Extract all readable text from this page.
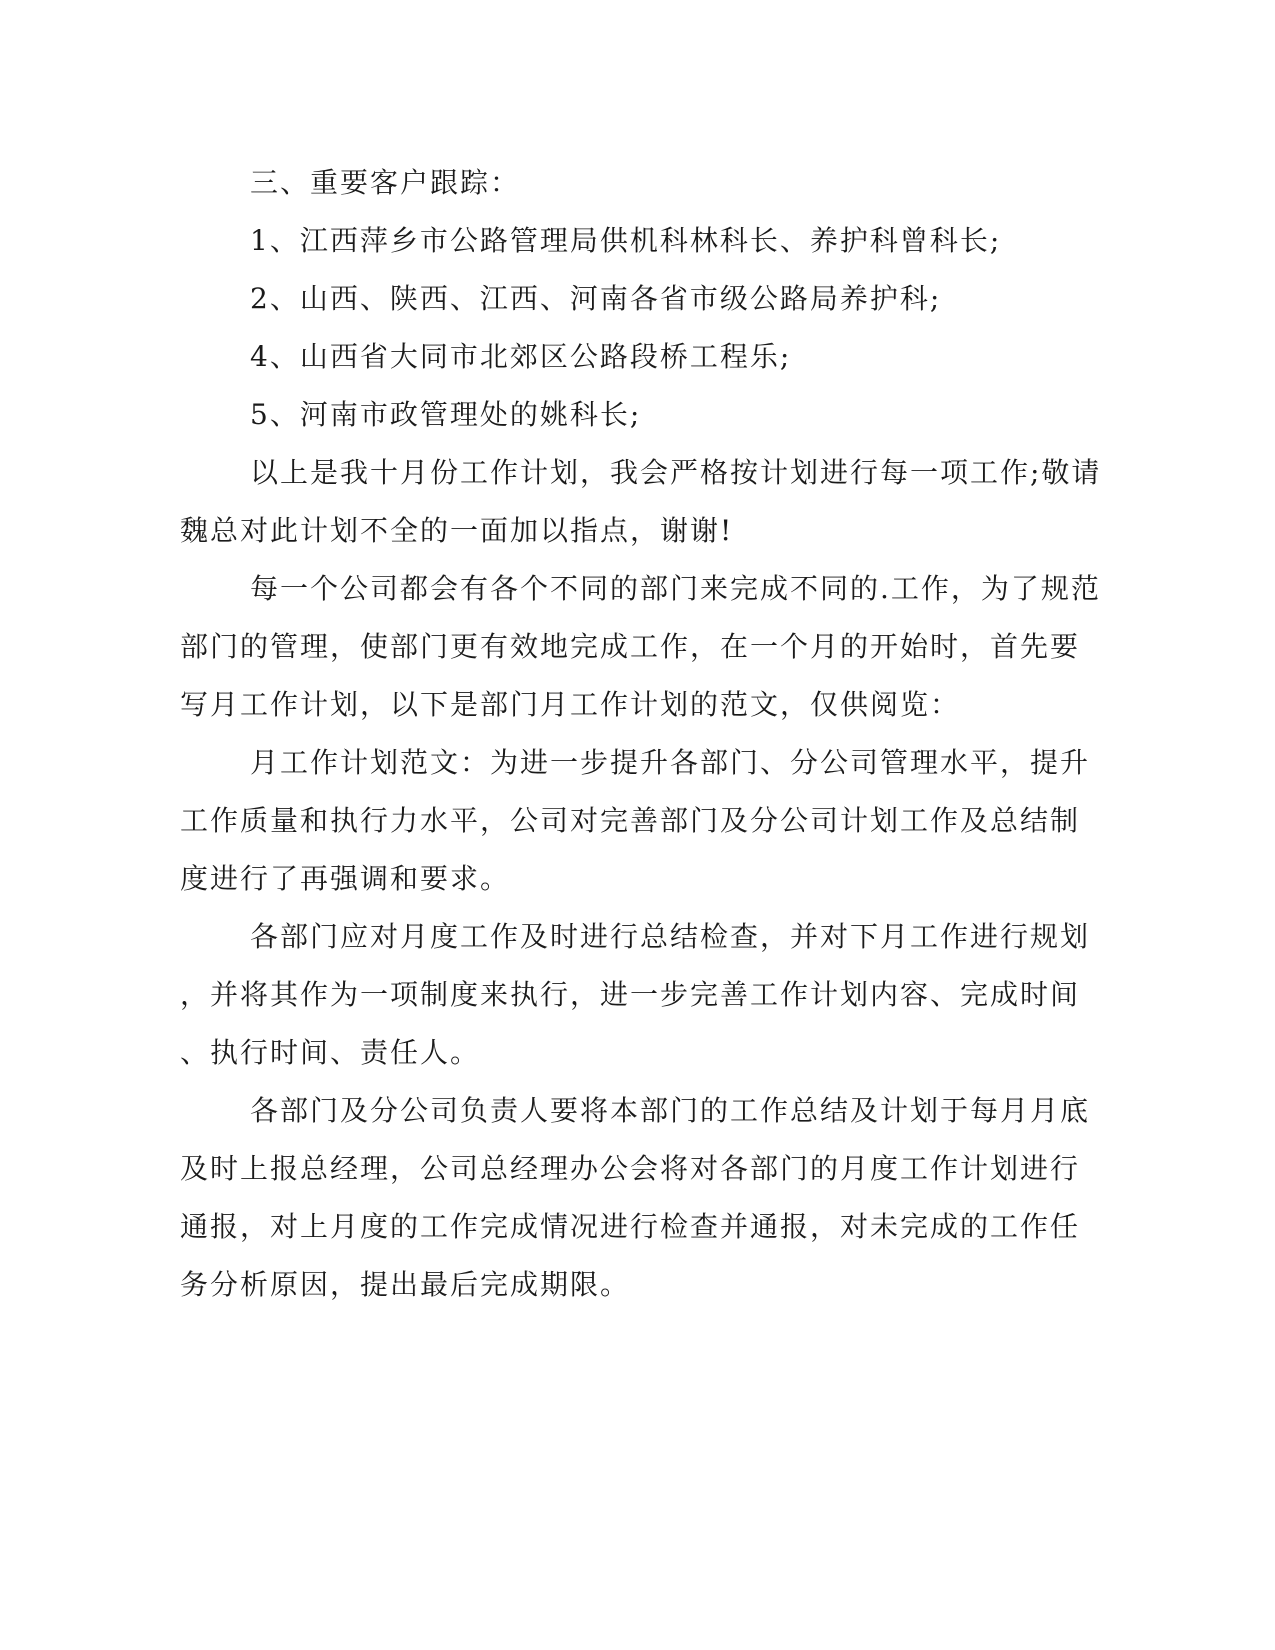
三、重要客户跟踪：
1、江西萍乡市公路管理局供机科林科长、养护科曾科长;
2、山西、陕西、江西、河南各省市级公路局养护科;
4、山西省大同市北郊区公路段桥工程乐;
5、河南市政管理处的姚科长;
以上是我十月份工作计划，我会严格按计划进行每一项工作;敬请
魏总对此计划不全的一面加以指点，谢谢!
每一个公司都会有各个不同的部门来完成不同的.工作，为了规范
部门的管理，使部门更有效地完成工作，在一个月的开始时，首先要
写月工作计划，以下是部门月工作计划的范文，仅供阅览：
月工作计划范文：为进一步提升各部门、分公司管理水平，提升
工作质量和执行力水平，公司对完善部门及分公司计划工作及总结制
度进行了再强调和要求。
各部门应对月度工作及时进行总结检查，并对下月工作进行规划
，并将其作为一项制度来执行，进一步完善工作计划内容、完成时间
、执行时间、责任人。
各部门及分公司负责人要将本部门的工作总结及计划于每月月底
及时上报总经理，公司总经理办公会将对各部门的月度工作计划进行
通报，对上月度的工作完成情况进行检查并通报，对未完成的工作任
务分析原因，提出最后完成期限。
